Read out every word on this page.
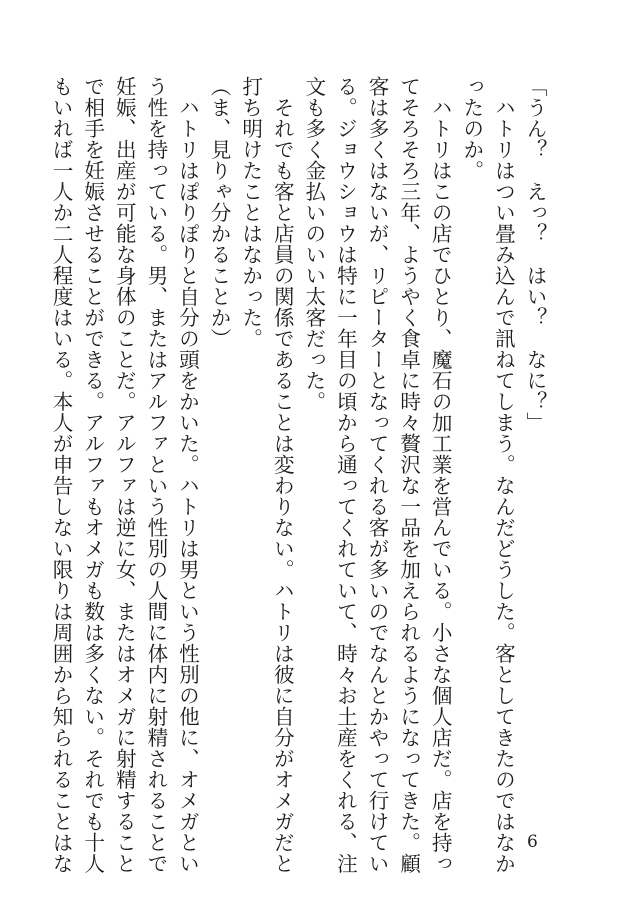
「うん？　えっ？　はい？　なに？」
　ハトリはつい畳み込んで訊ねてしまう。なんだどうした。客としてきたのではなか
ったのか。
　ハトリはこの店でひとり、魔石の加工業を営んでいる。小さな個人店だ。店を持っ
てそろそろ三年、ようやく食卓に時々贅沢な一品を加えられるようになってきた。顧
客は多くはないが、リピーターとなってくれる客が多いのでなんとかやって行けてい
る。ジョウショウは特に一年目の頃から通ってくれていて、時々お土産をくれる、注
文も多く金払いのいい太客だった。
　それでも客と店員の関係であることは変わりない。ハトリは彼に自分がオメガだと
打ち明けたことはなかった。
（ま、見りゃ分かることか）
　ハトリはぽりぽりと自分の頭をかいた。ハトリは男という性別の他に、オメガとい
う性を持っている。男、またはアルファという性別の人間に体内に射精されることで
妊娠、出産が可能な身体のことだ。アルファは逆に女、またはオメガに射精すること
で相手を妊娠させることができる。アルファもオメガも数は多くない。それでも十人
もいれば一人か二人程度はいる。本人が申告しない限りは周囲から知られることはな	6
